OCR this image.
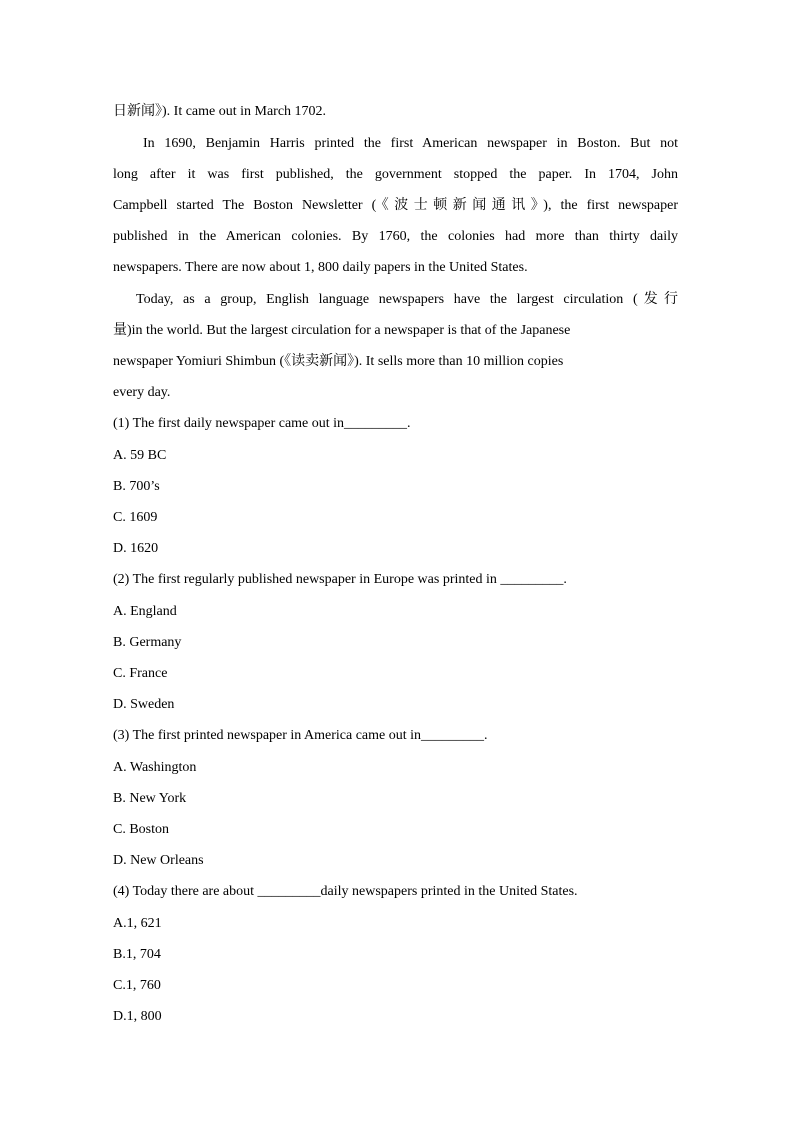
日新闻》). It came out in March 1702.
In 1690, Benjamin Harris printed the first American newspaper in Boston. But not
long after it was first published, the government stopped the paper. In 1704, John
Campbell started The Boston Newsletter (《波士顿新闻通讯》), the first newspaper
published in the American colonies. By 1760, the colonies had more than thirty daily
newspapers. There are now about 1, 800 daily papers in the United States.
Today, as a group, English language newspapers have the largest circulation (发行
量)in the world. But the largest circulation for a newspaper is that of the Japanese
newspaper Yomiuri Shimbun (《读卖新闻》). It sells more than 10 million copies
every day.
(1) The first daily newspaper came out in_________.
A. 59 BC
B. 700’s
C. 1609
D. 1620
(2) The first regularly published newspaper in Europe was printed in _________.
A. England
B. Germany
C. France
D. Sweden
(3) The first printed newspaper in America came out in_________.
A. Washington
B. New York
C. Boston
D. New Orleans
(4) Today there are about _________daily newspapers printed in the United States.
A.1, 621
B.1, 704
C.1, 760
D.1, 800
